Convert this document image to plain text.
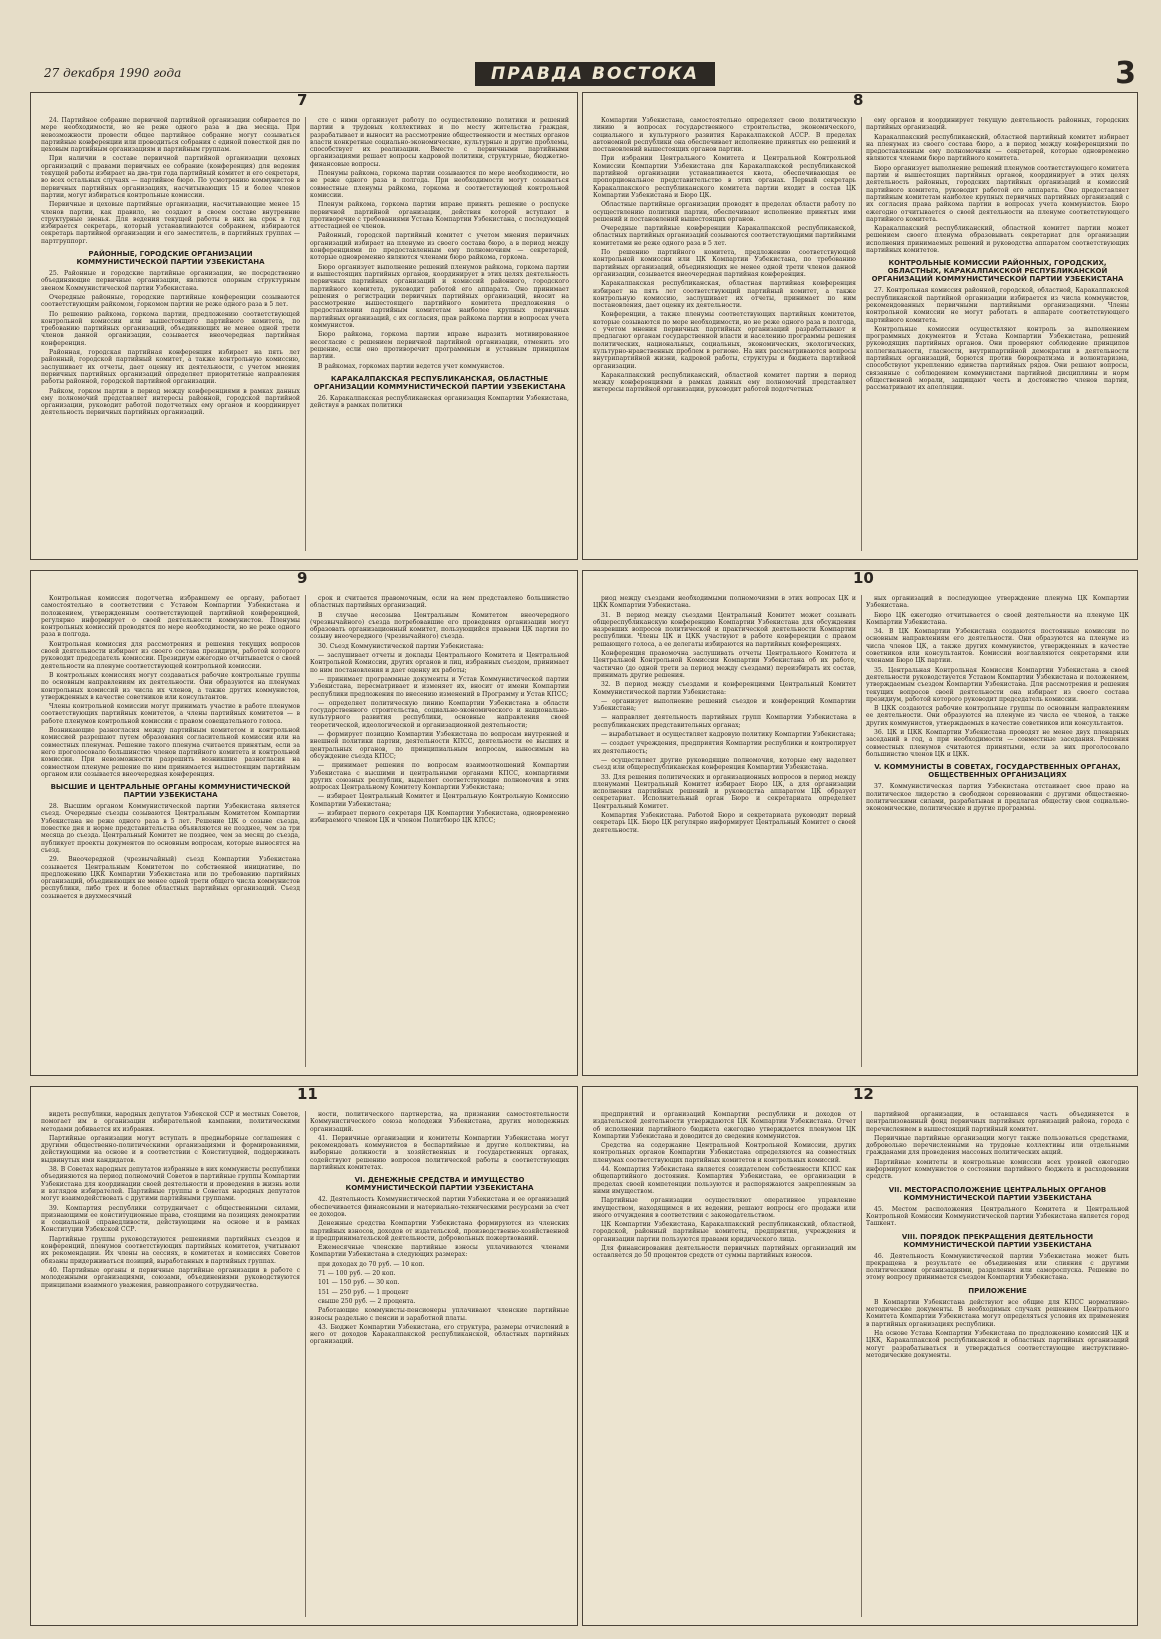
27 декабря 1990 года	ПРАВДА ВОСТОКА	3
7

24. Партийное собрание первичной партийной организации собирается по мере необходимости, но не реже одного раза в два месяца. При невозможности провести общее партийное собрание могут созываться партийные конференции или проводиться собрания с единой повесткой дня по цеховым партийным организациям и партийным группам.

При наличии в составе первичной партийной организации цеховых организаций с правами первичных ее собрание (конференция) для ведения текущей работы избирает на два-три года партийный комитет и его секретаря, во всех остальных случаях — партийное бюро. По усмотрению коммунистов в первичных партийных организациях, насчитывающих 15 и более членов партии, могут избираться контрольные комиссии.

Первичные и цеховые партийные организации, насчитывающие менее 15 членов партии, как правило, не создают в своем составе внутренние структурные звенья. Для ведения текущей работы в них на срок в год избирается секретарь, который устанавливаются собранием, избираются секретарь партийной организации и его заместитель, в партийных группах — партгруппорг.

РАЙОННЫЕ, ГОРОДСКИЕ ОРГАНИЗАЦИИ КОММУНИСТИЧЕСКОЙ ПАРТИИ УЗБЕКИСТАНА

25. Районные и городские партийные организации, не посредственно объединяющие первичные организации, являются опорным структурным звеном Коммунистической партии Узбекистана.

Очередные районные, городские партийные конференции созываются соответствующим райкомом, горкомом партии не реже одного раза в 5 лет.

По решению райкома, горкома партии, предложению соответствующей контрольной комиссии или вышестоящего партийного комитета, по требованию партийных организаций, объединяющих не менее одной трети членов данной организации, созывается внеочередная партийная конференция.

Районная, городская партийная конференция избирает на пять лет районный, городской партийный комитет, а также контрольную комиссию, заслушивает их отчеты, дает оценку их деятельности, с учетом мнения первичных партийных организаций определяет приоритетные направления работы районной, городской партийной организации.

Райком, горком партии в период между конференциями в рамках данных ему полномочий представляет интересы районной, городской партийной организации, руководит работой подотчетных ему органов и координирует деятельность первичных партийных организаций.

сте с ними организует работу по осуществлению политики и решений партии в трудовых коллективах и по месту жительства граждан, разрабатывает и выносит на рассмотрение общественности и местных органов власти конкретные социально-экономические, культурные и другие проблемы, способствует их реализации. Вместе с первичными партийными организациями решает вопросы кадровой политики, структурные, бюджетно-финансовые вопросы.

Пленумы райкома, горкома партии созываются по мере необходимости, но не реже одного раза в полгода. При необходимости могут созываться совместные пленумы райкома, горкома и соответствующей контрольной комиссии.

Пленум райкома, горкома партии вправе принять решение о роспуске первичной партийной организации, действия которой вступают в противоречие с требованиями Устава Компартии Узбекистана, с последующей аттестацией ее членов.

Районный, городской партийный комитет с учетом мнения первичных организаций избирает на пленуме из своего состава бюро, а в период между конференциями по предоставленным ему полномочиям — секретарей, которые одновременно являются членами бюро райкома, горкома.

Бюро организует выполнение решений пленумов райкома, горкома партии и вышестоящих партийных органов, координирует в этих целях деятельность первичных партийных организаций и комиссий районного, городского партийного комитета, руководит работой его аппарата. Оно принимает решения о регистрации первичных партийных организаций, вносит на рассмотрение вышестоящего партийного комитета предложения о предоставлении партийным комитетам наиболее крупных первичных партийных организаций, с их согласия, прав райкома партии в вопросах учета коммунистов.

Бюро райкома, горкома партии вправе выразить мотивированное несогласие с решением первичной партийной организации, отменить это решение, если оно противоречит программным и уставным принципам партии.

В райкомах, горкомах партии ведется учет коммунистов.

КАРАКАЛПАКСКАЯ РЕСПУБЛИКАНСКАЯ, ОБЛАСТНЫЕ ОРГАНИЗАЦИИ КОММУНИСТИЧЕСКОЙ ПАРТИИ УЗБЕКИСТАНА

26. Каракалпакская республиканская организация Компартии Узбекистана, действуя в рамках политики

8

Компартии Узбекистана, самостоятельно определяет свою политическую линию в вопросах государственного строительства, экономического, социального и культурного развития Каракалпакской АССР. В пределах автономной республики она обеспечивает исполнение принятых ею решений и постановлений вышестоящих органов партии.

При избрании Центрального Комитета и Центральной Контрольной Комиссии Компартии Узбекистана для Каракалпакской республиканской партийной организации устанавливается квота, обеспечивающая ее пропорциональное представительство в этих органах. Первый секретарь Каракалпакского республиканского комитета партии входит в состав ЦК Компартии Узбекистана и Бюро ЦК.

Областные партийные организации проводят в пределах области работу по осуществлению политики партии, обеспечивают исполнение принятых ими решений и постановлений вышестоящих органов.

Очередные партийные конференции Каракалпакской республиканской, областных партийных организаций созываются соответствующими партийными комитетами не реже одного раза в 5 лет.

По решению партийного комитета, предложению соответствующей контрольной комиссии или ЦК Компартии Узбекистана, по требованию партийных организаций, объединяющих не менее одной трети членов данной организации, созывается внеочередная партийная конференция.

Каракалпакская республиканская, областная партийная конференция избирает на пять лет соответствующий партийный комитет, а также контрольную комиссию, заслушивает их отчеты, принимает по ним постановления, дает оценку их деятельности.

Конференции, а также пленумы соответствующих партийных комитетов, которые созываются по мере необходимости, но не реже одного раза в полгода, с учетом мнения первичных партийных организаций разрабатывают и предлагают органам государственной власти и населению программы решения политических, национальных, социальных, экономических, экологических, культурно-нравственных проблем в регионе. На них рассматриваются вопросы внутрипартийной жизни, кадровой работы, структуры и бюджета партийной организации.

Каракалпакский республиканский, областной комитет партии в период между конференциями в рамках данных ему полномочий представляет интересы партийной организации, руководит работой подотчетных

ему органов и координирует текущую деятельность районных, городских партийных организаций.

Каракалпакский республиканский, областной партийный комитет избирает на пленумах из своего состава бюро, а в период между конференциями по предоставленным ему полномочиям — секретарей, которые одновременно являются членами бюро партийного комитета.

Бюро организует выполнение решений пленумов соответствующего комитета партии и вышестоящих партийных органов, координирует в этих целях деятельность районных, городских партийных организаций и комиссий партийного комитета, руководит работой его аппарата. Оно предоставляет партийным комитетам наиболее крупных первичных партийных организаций с их согласия права райкома партии в вопросах учета коммунистов. Бюро ежегодно отчитывается о своей деятельности на пленуме соответствующего партийного комитета.

Каракалпакский республиканский, областной комитет партии может решением своего пленума образовывать секретариат для организации исполнения принимаемых решений и руководства аппаратом соответствующих партийных комитетов.

КОНТРОЛЬНЫЕ КОМИССИИ РАЙОННЫХ, ГОРОДСКИХ, ОБЛАСТНЫХ, КАРАКАЛПАКСКОЙ РЕСПУБЛИКАНСКОЙ ОРГАНИЗАЦИЙ КОММУНИСТИЧЕСКОЙ ПАРТИИ УЗБЕКИСТАНА

27. Контрольная комиссия районной, городской, областной, Каракалпакской республиканской партийной организации избирается из числа коммунистов, рекомендованных первичными партийными организациями. Члены контрольной комиссии не могут работать в аппарате соответствующего партийного комитета.

Контрольные комиссии осуществляют контроль за выполнением программных документов и Устава Компартии Узбекистана, решений руководящих партийных органов. Они проверяют соблюдение принципов коллегиальности, гласности, внутрипартийной демократии в деятельности партийных организаций, борются против бюрократизма и волюнтаризма, способствуют укреплению единства партийных рядов. Они решают вопросы, связанные с соблюдением коммунистами партийной дисциплины и норм общественной морали, защищают честь и достоинство членов партии, рассматривают их апелляции.

9

Контрольная комиссия подотчетна избравшему ее органу, работает самостоятельно в соответствии с Уставом Компартии Узбекистана и положением, утвержденным соответствующей партийной конференцией, регулярно информирует о своей деятельности коммунистов. Пленумы контрольных комиссий проводятся по мере необходимости, но не реже одного раза в полгода.

Контрольная комиссия для рассмотрения и решения текущих вопросов своей деятельности избирает из своего состава президиум, работой которого руководит председатель комиссии. Президиум ежегодно отчитывается о своей деятельности на пленуме соответствующей контрольной комиссии.

В контрольных комиссиях могут создаваться рабочие контрольные группы по основным направлениям их деятельности. Они образуются на пленумах контрольных комиссий из числа их членов, а также других коммунистов, утвержденных в качестве советников или консультантов.

Члены контрольной комиссии могут принимать участие в работе пленумов соответствующих партийных комитетов, а члены партийных комитетов — в работе пленумов контрольной комиссии с правом совещательного голоса.

Возникающие разногласия между партийным комитетом и контрольной комиссией разрешают путем образования согласительной комиссии или на совместных пленумах. Решение такого пленума считается принятым, если за него проголосовало большинство членов партийного комитета и контрольной комиссии. При невозможности разрешить возникшие разногласия на совместном пленуме решение по ним принимается вышестоящим партийным органом или созывается внеочередная конференция.

ВЫСШИЕ И ЦЕНТРАЛЬНЫЕ ОРГАНЫ КОММУНИСТИЧЕСКОЙ ПАРТИИ УЗБЕКИСТАНА

28. Высшим органом Коммунистической партии Узбекистана является съезд. Очередные съезды созываются Центральным Комитетом Компартии Узбекистана не реже одного раза в 5 лет. Решение ЦК о созыве съезда, повестке дня и норме представительства объявляются не позднее, чем за три месяца до съезда. Центральный Комитет не позднее, чем за месяц до съезда, публикует проекты документов по основным вопросам, которые выносятся на съезд.

29. Внеочередной (чрезвычайный) съезд Компартии Узбекистана созывается Центральным Комитетом по собственной инициативе, по предложению ЦКК Компартии Узбекистана или по требованию партийных организаций, объединяющих не менее одной трети общего числа коммунистов республики, либо трех и более областных партийных организаций. Съезд созывается в двухмесячный

срок и считается правомочным, если на нем представлено большинство областных партийных организаций.

В случае несозыва Центральным Комитетом внеочередного (чрезвычайного) съезда потребовавшие его проведения организации могут образовать организационный комитет, пользующийся правами ЦК партии по созыву внеочередного (чрезвычайного) съезда.

30. Съезд Коммунистической партии Узбекистана:

— заслушивает отчеты и доклады Центрального Комитета и Центральной Контрольной Комиссии, других органов и лиц, избранных съездом, принимает по ним постановления и дает оценку их работы;

— принимает программные документы и Устав Коммунистической партии Узбекистана, пересматривает и изменяет их, вносит от имени Компартии республики предложения по внесению изменений в Программу и Устав КПСС;

— определяет политическую линию Компартии Узбекистана в области государственного строительства, социально-экономического и национально-культурного развития республики, основные направления своей теоретической, идеологической и организационной деятельности;

— формирует позицию Компартии Узбекистана по вопросам внутренней и внешней политики партии, деятельности КПСС, деятельности ее высших и центральных органов, по принципиальным вопросам, выносимым на обсуждение съезда КПСС;

— принимает решения по вопросам взаимоотношений Компартии Узбекистана с высшими и центральными органами КПСС, компартиями других союзных республик, выделяет соответствующие полномочия в этих вопросах Центральному Комитету Компартии Узбекистана;

— избирает Центральный Комитет и Центральную Контрольную Комиссию Компартии Узбекистана;

— избирает первого секретаря ЦК Компартии Узбекистана, одновременно избираемого членом ЦК и членом Политбюро ЦК КПСС;

10

риод между съездами необходимыми полномочиями в этих вопросах ЦК и ЦКК Компартии Узбекистана.

31. В период между съездами Центральный Комитет может созывать общереспубликанскую конференцию Компартии Узбекистана для обсуждения назревших вопросов политической и практической деятельности Компартии республики. Члены ЦК и ЦКК участвуют в работе конференции с правом решающего голоса, а ее делегаты избираются на партийных конференциях.

Конференция правомочна заслушивать отчеты Центрального Комитета и Центральной Контрольной Комиссии Компартии Узбекистана об их работе, частично (до одной трети за период между съездами) переизбирать их состав, принимать другие решения.

32. В период между съездами и конференциями Центральный Комитет Коммунистической партии Узбекистана:

— организует выполнение решений съездов и конференций Компартии Узбекистана;

— направляет деятельность партийных групп Компартии Узбекистана в республиканских представительных органах;

— вырабатывает и осуществляет кадровую политику Компартии Узбекистана;

— создает учреждения, предприятия Компартии республики и контролирует их деятельность;

— осуществляет другие руководящие полномочия, которые ему наделяет съезд или общереспубликанская конференция Компартии Узбекистана.

33. Для решения политических и организационных вопросов в период между пленумами Центральный Комитет избирает Бюро ЦК, а для организации исполнения партийных решений и руководства аппаратом ЦК образует секретариат. Исполнительный орган Бюро и секретариата определяет Центральный Комитет.

Компартия Узбекистана. Работой Бюро и секретариата руководит первый секретарь ЦК. Бюро ЦК регулярно информирует Центральный Комитет о своей деятельности.

ных организаций в последующее утверждение пленума ЦК Компартии Узбекистана.

Бюро ЦК ежегодно отчитывается о своей деятельности на пленуме ЦК Компартии Узбекистана.

34. В ЦК Компартии Узбекистана создаются постоянные комиссии по основным направлениям его деятельности. Они образуются на пленуме из числа членов ЦК, а также других коммунистов, утвержденных в качестве советников или консультантов. Комиссии возглавляются секретарями или членами Бюро ЦК партии.

35. Центральная Контрольная Комиссия Компартии Узбекистана в своей деятельности руководствуется Уставом Компартии Узбекистана и положением, утверждаемым съездом Компартии Узбекистана. Для рассмотрения и решения текущих вопросов своей деятельности она избирает из своего состава президиум, работой которого руководит председатель комиссии.

В ЦКК создаются рабочие контрольные группы по основным направлениям ее деятельности. Они образуются на пленуме из числа ее членов, а также других коммунистов, утверждаемых в качестве советников или консультантов.

36. ЦК и ЦКК Компартии Узбекистана проводят не менее двух пленарных заседаний в год, а при необходимости — совместные заседания. Решения совместных пленумов считаются принятыми, если за них проголосовало большинство членов ЦК и ЦКК.

V. КОММУНИСТЫ В СОВЕТАХ, ГОСУДАРСТВЕННЫХ ОРГАНАХ, ОБЩЕСТВЕННЫХ ОРГАНИЗАЦИЯХ

37. Коммунистическая партия Узбекистана отстаивает свое право на политическое лидерство в свободном соревновании с другими общественно-политическими силами, разрабатывая и предлагая обществу свои социально-экономические, политические и другие программы.

11

видеть республики, народных депутатов Узбекской ССР и местных Советов, помогает им в организации избирательной кампании, политическими методами добивается их избрания.

Партийные организации могут вступать в предвыборные соглашения с другими общественно-политическими организациями и формированиями, действующими на основе и в соответствии с Конституцией, поддерживать выдвинутых ими кандидатов.

38. В Советах народных депутатов избранные в них коммунисты республики объединяются на период полномочий Советов в партийные группы Компартии Узбекистана для координации своей деятельности и проведения в жизнь воли и взглядов избирателей. Партийные группы в Советах народных депутатов могут взаимодействовать с другими партийными группами.

39. Компартия республики сотрудничает с общественными силами, признающими ее конституционные права, стоящими на позициях демократии и социальной справедливости, действующими на основе и в рамках Конституции Узбекской ССР.

Партийные группы руководствуются решениями партийных съездов и конференций, пленумов соответствующих партийных комитетов, учитывают их рекомендации. Их члены на сессиях, в комитетах и комиссиях Советов обязаны придерживаться позиций, выработанных в партийных группах.

40. Партийные органы и первичные партийные организации в работе с молодежными организациями, союзами, объединениями руководствуются принципами взаимного уважения, равноправного сотрудничества.

ности, политического партнерства, на признании самостоятельности Коммунистического союза молодежи Узбекистана, других молодежных организаций.

41. Первичные организации и комитеты Компартии Узбекистана могут рекомендовать коммунистов в беспартийные и другие коллективы, на выборные должности в хозяйственных и государственных органах, содействуют решению вопросов политической работы в соответствующих партийных комитетах.

VI. ДЕНЕЖНЫЕ СРЕДСТВА И ИМУЩЕСТВО КОММУНИСТИЧЕСКОЙ ПАРТИИ УЗБЕКИСТАНА

42. Деятельность Коммунистической партии Узбекистана и ее организаций обеспечивается финансовыми и материально-техническими ресурсами за счет ее доходов.

Денежные средства Компартии Узбекистана формируются из членских партийных взносов, доходов от издательской, производственно-хозяйственной и предпринимательской деятельности, добровольных пожертвований.

Ежемесячные членские партийные взносы уплачиваются членами Компартии Узбекистана в следующих размерах:

при доходах до 70 руб. — 10 коп.

71 — 100 руб. — 20 коп.

101 — 150 руб. — 30 коп.

151 — 250 руб. — 1 процент

свыше 250 руб. — 2 процента.

Работающие коммунисты-пенсионеры уплачивают членские партийные взносы раздельно с пенсии и заработной платы.

43. Бюджет Компартии Узбекистана, его структура, размеры отчислений в него от доходов Каракалпакской республиканской, областных партийных организаций.

12

предприятий и организаций Компартии республики и доходов от издательской деятельности утверждаются ЦК Компартии Узбекистана. Отчет об исполнении партийного бюджета ежегодно утверждается пленумом ЦК Компартии Узбекистана и доводится до сведения коммунистов.

Средства на содержание Центральной Контрольной Комиссии, других контрольных органов Компартии Узбекистана определяются на совместных пленумах соответствующих партийных комитетов и контрольных комиссий.

44. Компартия Узбекистана является созидателем собственности КПСС как общепартийного достояния. Компартия Узбекистана, ее организации в пределах своей компетенции пользуются и распоряжаются закрепленным за ними имуществом.

Партийные организации осуществляют оперативное управление имуществом, находящимся в их ведении, решают вопросы его продажи или иного отчуждения в соответствии с законодательством.

ЦК Компартии Узбекистана, Каракалпакский республиканский, областной, городской, районный партийные комитеты, предприятия, учреждения и организации партии пользуются правами юридического лица.

Для финансирования деятельности первичных партийных организаций им оставляется до 50 процентов средств от суммы партийных взносов.

партийной организации, в оставшаяся часть объединяется в централизованный фонд первичных партийных организаций района, города с перечислением в вышестоящий партийный комитет.

Первичные партийные организации могут также пользоваться средствами, добровольно перечисленными на трудовые коллективы или отдельными гражданами для проведения массовых политических акций.

Партийные комитеты и контрольные комиссии всех уровней ежегодно информируют коммунистов о состоянии партийного бюджета и расходовании средств.

VII. МЕСТОРАСПОЛОЖЕНИЕ ЦЕНТРАЛЬНЫХ ОРГАНОВ КОММУНИСТИЧЕСКОЙ ПАРТИИ УЗБЕКИСТАНА

45. Местом расположения Центрального Комитета и Центральной Контрольной Комиссии Коммунистической партии Узбекистана является город Ташкент.

VIII. ПОРЯДОК ПРЕКРАЩЕНИЯ ДЕЯТЕЛЬНОСТИ КОММУНИСТИЧЕСКОЙ ПАРТИИ УЗБЕКИСТАНА

46. Деятельность Коммунистической партии Узбекистана может быть прекращена в результате ее объединения или слияния с другими политическими организациями, разделения или самороспуска. Решение по этому вопросу принимается съездом Компартии Узбекистана.

ПРИЛОЖЕНИЕ

В Компартии Узбекистана действуют все общие для КПСС нормативно-методические документы. В необходимых случаях решением Центрального Комитета Компартии Узбекистана могут определяться условия их применения в партийных организациях республики.

На основе Устава Компартии Узбекистана по предложению комиссий ЦК и ЦКК, Каракалпакской республиканской и областных партийных организаций могут разрабатываться и утверждаться соответствующие инструктивно-методические документы.
